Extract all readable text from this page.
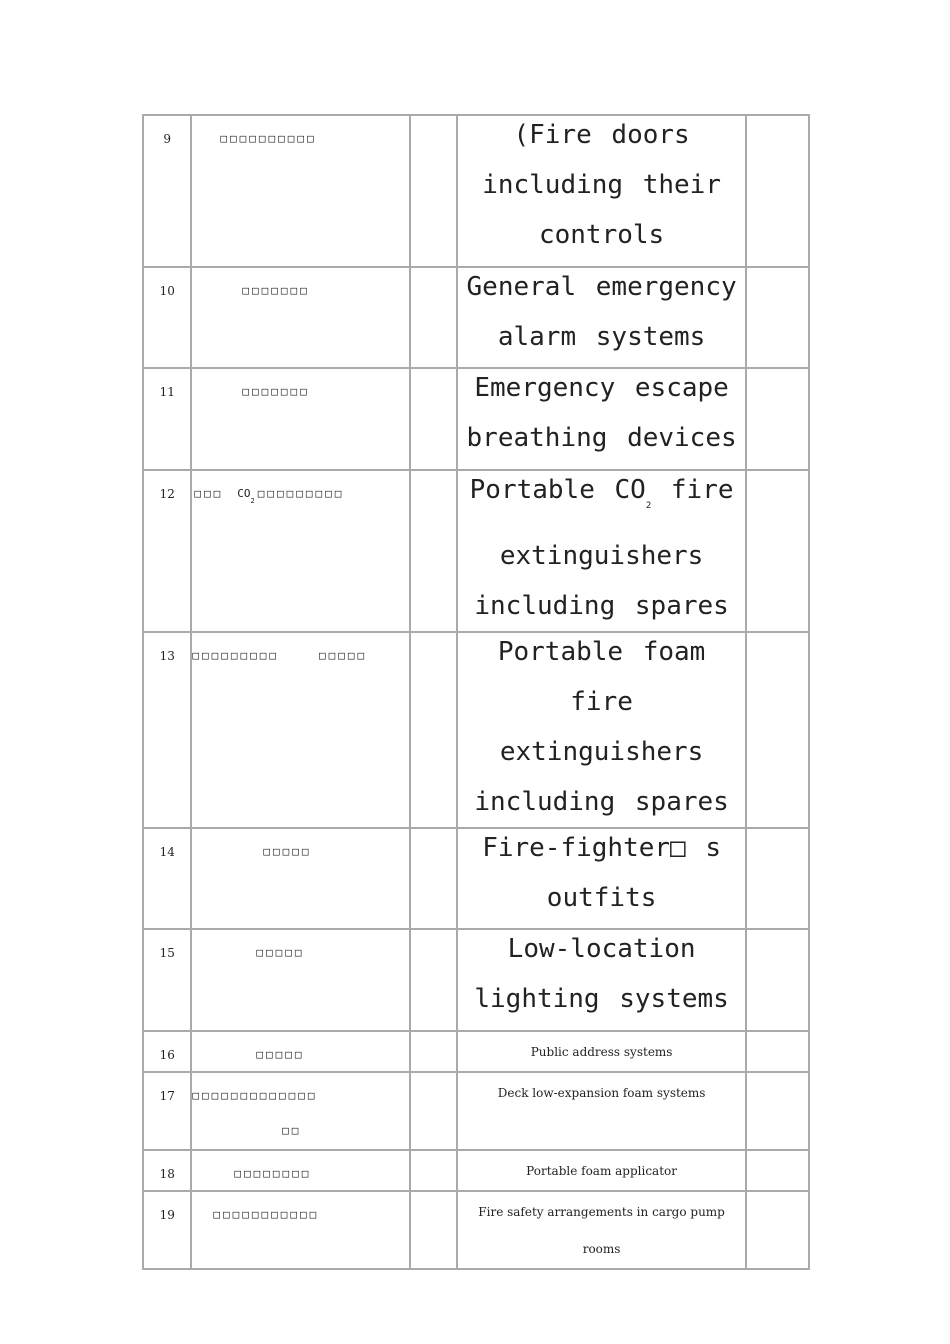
9	□□□□□□□□□□		(Fire doors including their controls	

10	□□□□□□□		General emergency alarm systems	

11	□□□□□□□		Emergency escape breathing devices	

12	□□□ $CO_2□□□□□□□□□$		Portable $CO_2$ fire extinguishers including spares	

13	□□□□□□□□□ □□□□□		Portable foam fire extinguishers including spares	

14	□□□□□		Fire-fighter□ s outfits	

15	□□□□□		Low-location lighting systems	

16	□□□□□		Public address systems	

17	□□□□□□□□□□□□□
□□		Deck low-expansion foam systems	

18	□□□□□□□□		Portable foam applicator	

19	□□□□□□□□□□□		Fire safety arrangements in cargo pump rooms	
